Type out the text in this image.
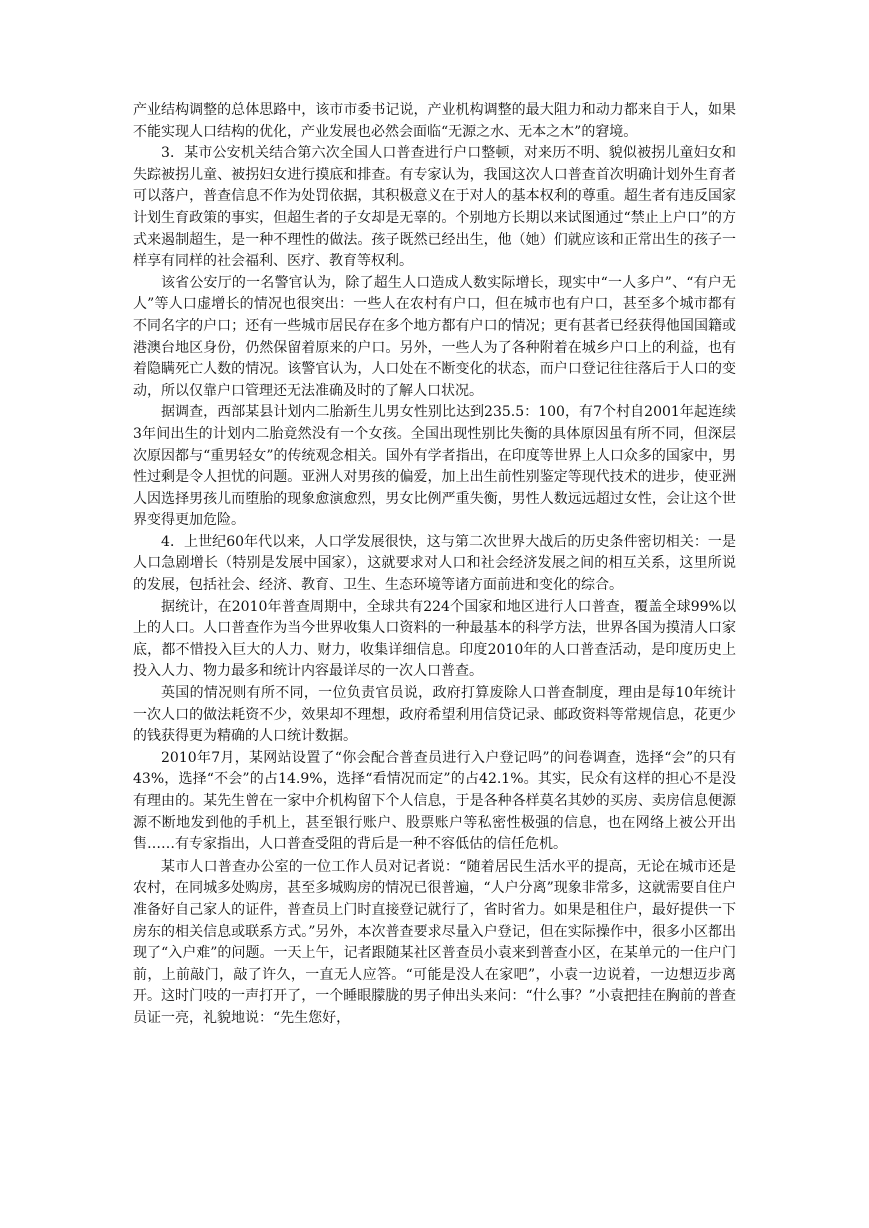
产业结构调整的总体思路中，该市市委书记说，产业机构调整的最大阻力和动力都来自于人，如果不能实现人口结构的优化，产业发展也必然会面临“无源之水、无本之木”的窘境。

3．某市公安机关结合第六次全国人口普查进行户口整顿，对来历不明、貌似被拐儿童妇女和失踪被拐儿童、被拐妇女进行摸底和排查。有专家认为，我国这次人口普查首次明确计划外生育者可以落户，普查信息不作为处罚依据，其积极意义在于对人的基本权利的尊重。超生者有违反国家计划生育政策的事实，但超生者的子女却是无辜的。个别地方长期以来试图通过“禁止上户口”的方式来遏制超生，是一种不理性的做法。孩子既然已经出生，他（她）们就应该和正常出生的孩子一样享有同样的社会福利、医疗、教育等权利。

该省公安厅的一名警官认为，除了超生人口造成人数实际增长，现实中“一人多户”、“有户无人”等人口虚增长的情况也很突出：一些人在农村有户口，但在城市也有户口，甚至多个城市都有不同名字的户口；还有一些城市居民存在多个地方都有户口的情况；更有甚者已经获得他国国籍或港澳台地区身份，仍然保留着原来的户口。另外，一些人为了各种附着在城乡户口上的利益，也有着隐瞒死亡人数的情况。该警官认为，人口处在不断变化的状态，而户口登记往往落后于人口的变动，所以仅靠户口管理还无法准确及时的了解人口状况。

据调查，西部某县计划内二胎新生儿男女性别比达到235.5：100，有7个村自2001年起连续3年间出生的计划内二胎竟然没有一个女孩。全国出现性别比失衡的具体原因虽有所不同，但深层次原因都与“重男轻女”的传统观念相关。国外有学者指出，在印度等世界上人口众多的国家中，男性过剩是令人担忧的问题。亚洲人对男孩的偏爱，加上出生前性别鉴定等现代技术的进步，使亚洲人因选择男孩儿而堕胎的现象愈演愈烈，男女比例严重失衡，男性人数远远超过女性，会让这个世界变得更加危险。

4．上世纪60年代以来，人口学发展很快，这与第二次世界大战后的历史条件密切相关：一是人口急剧增长（特别是发展中国家），这就要求对人口和社会经济发展之间的相互关系，这里所说的发展，包括社会、经济、教育、卫生、生态环境等诸方面前进和变化的综合。

据统计，在2010年普查周期中，全球共有224个国家和地区进行人口普查，覆盖全球99%以上的人口。人口普查作为当今世界收集人口资料的一种最基本的科学方法，世界各国为摸清人口家底，都不惜投入巨大的人力、财力，收集详细信息。印度2010年的人口普查活动，是印度历史上投入人力、物力最多和统计内容最详尽的一次人口普查。

英国的情况则有所不同，一位负责官员说，政府打算废除人口普查制度，理由是每10年统计一次人口的做法耗资不少，效果却不理想，政府希望利用信贷记录、邮政资料等常规信息，花更少的钱获得更为精确的人口统计数据。

2010年7月，某网站设置了“你会配合普查员进行入户登记吗”的问卷调查，选择“会”的只有43%，选择“不会”的占14.9%，选择“看情况而定”的占42.1%。其实，民众有这样的担心不是没有理由的。某先生曾在一家中介机构留下个人信息，于是各种各样莫名其妙的买房、卖房信息便源源不断地发到他的手机上，甚至银行账户、股票账户等私密性极强的信息，也在网络上被公开出售……有专家指出，人口普查受阻的背后是一种不容低估的信任危机。

某市人口普查办公室的一位工作人员对记者说：“随着居民生活水平的提高，无论在城市还是农村，在同城多处购房，甚至多城购房的情况已很普遍，“人户分离”现象非常多，这就需要自住户准备好自己家人的证件，普查员上门时直接登记就行了，省时省力。如果是租住户，最好提供一下房东的相关信息或联系方式。”另外，本次普查要求尽量入户登记，但在实际操作中，很多小区都出现了“入户难”的问题。一天上午，记者跟随某社区普查员小袁来到普查小区，在某单元的一住户门前，上前敲门，敲了许久，一直无人应答。“可能是没人在家吧”，小袁一边说着，一边想迈步离开。这时门吱的一声打开了，一个睡眼朦胧的男子伸出头来问：“什么事？”小袁把挂在胸前的普查员证一亮，礼貌地说：“先生您好，
